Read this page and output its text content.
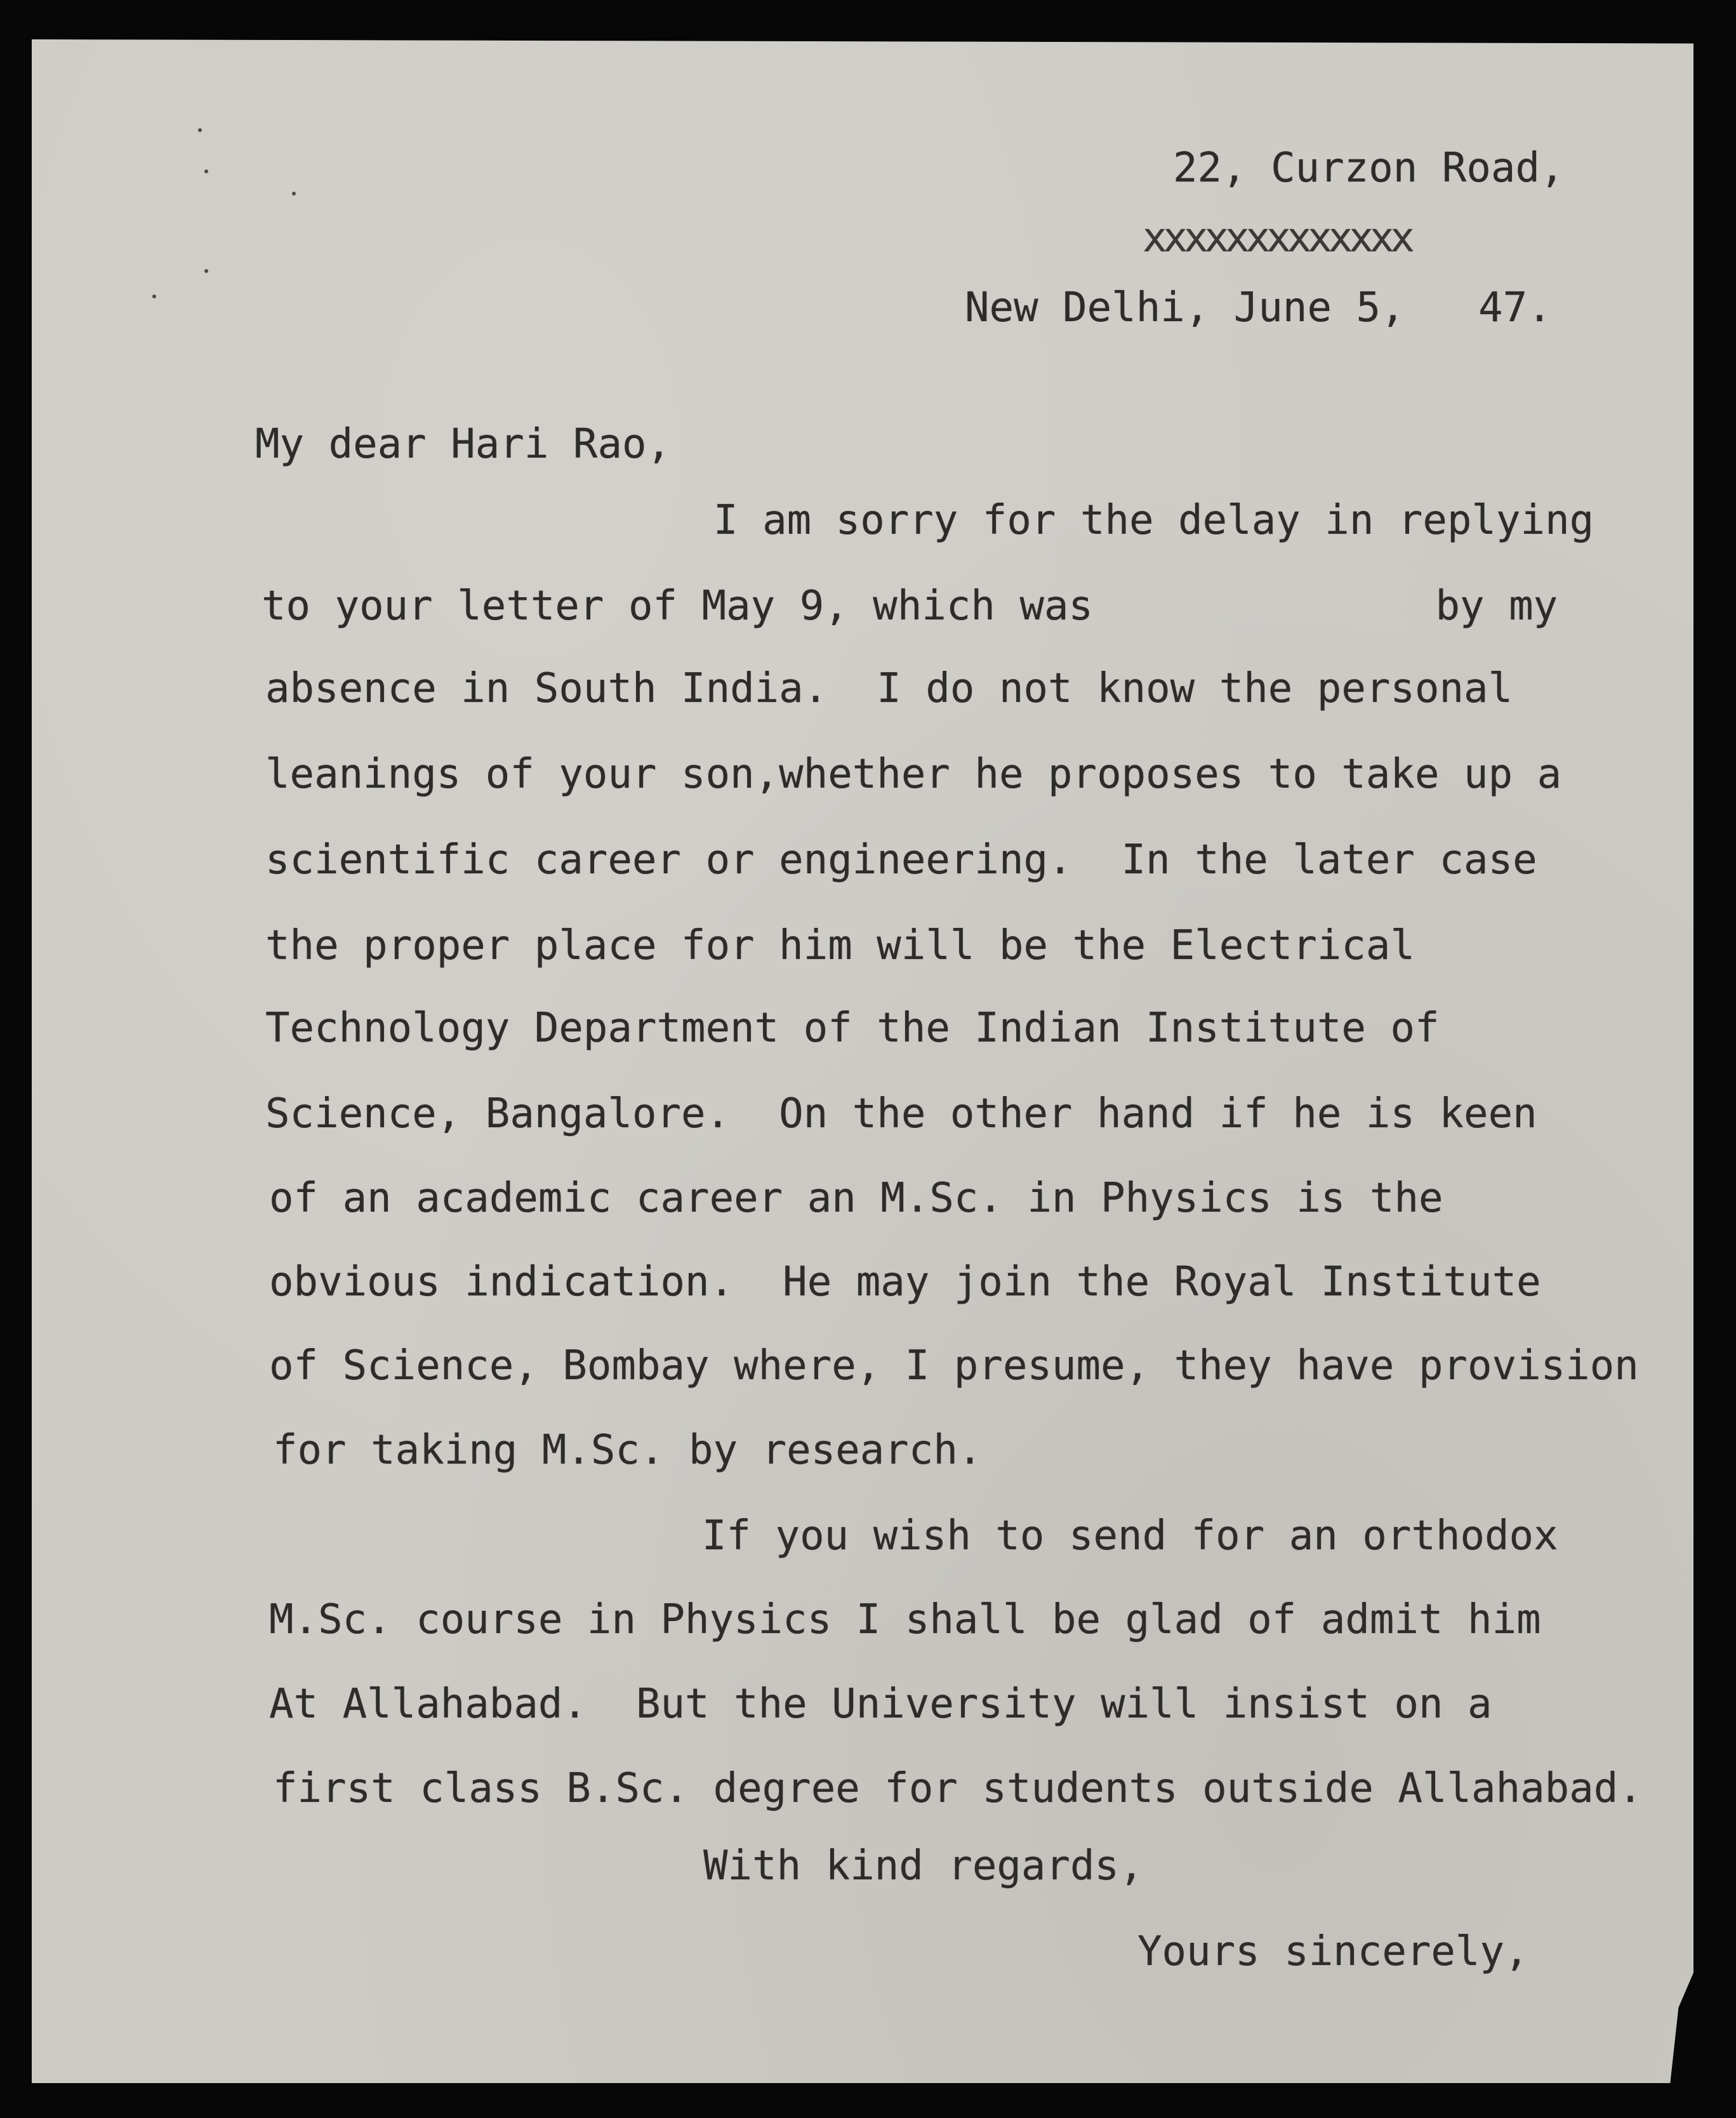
22, Curzon Road,

xxxxxxxxxxxxx

New Delhi, June 5,   47.

My dear Hari Rao,

I am sorry for the delay in replying

to your letter of May 9, which was              by my

absence in South India.  I do not know the personal

leanings of your son,whether he proposes to take up a

scientific career or engineering.  In the later case

the proper place for him will be the Electrical

Technology Department of the Indian Institute of

Science, Bangalore.  On the other hand if he is keen

of an academic career an M.Sc. in Physics is the

obvious indication.  He may join the Royal Institute

of Science, Bombay where, I presume, they have provision

for taking M.Sc. by research.

If you wish to send for an orthodox

M.Sc. course in Physics I shall be glad of admit him

At Allahabad.  But the University will insist on a

first class B.Sc. degree for students outside Allahabad.

With kind regards,

Yours sincerely,
